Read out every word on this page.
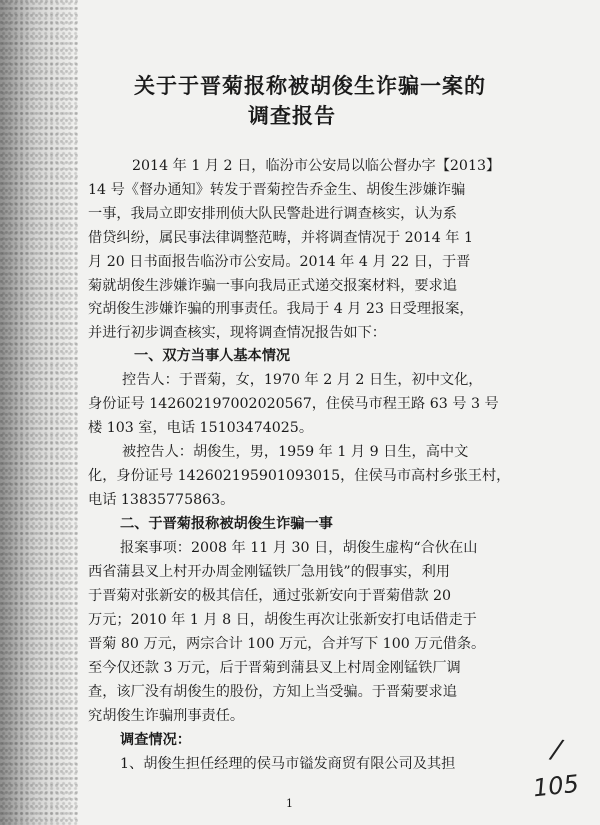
关于于晋菊报称被胡俊生诈骗一案的
调查报告
2014 年 1 月 2 日，临汾市公安局以临公督办字【2013】
14 号《督办通知》转发于晋菊控告乔金生、胡俊生涉嫌诈骗
一事，我局立即安排刑侦大队民警赴进行调查核实，认为系
借贷纠纷，属民事法律调整范畴，并将调查情况于 2014 年 1
月 20 日书面报告临汾市公安局。2014 年 4 月 22 日，于晋
菊就胡俊生涉嫌诈骗一事向我局正式递交报案材料，要求追
究胡俊生涉嫌诈骗的刑事责任。我局于 4 月 23 日受理报案，
并进行初步调查核实，现将调查情况报告如下：
一、双方当事人基本情况
控告人：于晋菊，女，1970 年 2 月 2 日生，初中文化，
身份证号 142602197002020567，住侯马市程王路 63 号 3 号
楼 103 室，电话 15103474025。
被控告人：胡俊生，男，1959 年 1 月 9 日生，高中文
化，身份证号 142602195901093015，住侯马市高村乡张王村，
电话 13835775863。
二、于晋菊报称被胡俊生诈骗一事
报案事项：2008 年 11 月 30 日，胡俊生虚构“合伙在山
西省蒲县叉上村开办周金刚锰铁厂急用钱”的假事实，利用
于晋菊对张新安的极其信任，通过张新安向于晋菊借款 20
万元；2010 年 1 月 8 日，胡俊生再次让张新安打电话借走于
晋菊 80 万元，两宗合计 100 万元，合并写下 100 万元借条。
至今仅还款 3 万元，后于晋菊到蒲县叉上村周金刚锰铁厂调
查，该厂没有胡俊生的股份，方知上当受骗。于晋菊要求追
究胡俊生诈骗刑事责任。
调查情况：
1、胡俊生担任经理的侯马市镒发商贸有限公司及其担
1
/
105
